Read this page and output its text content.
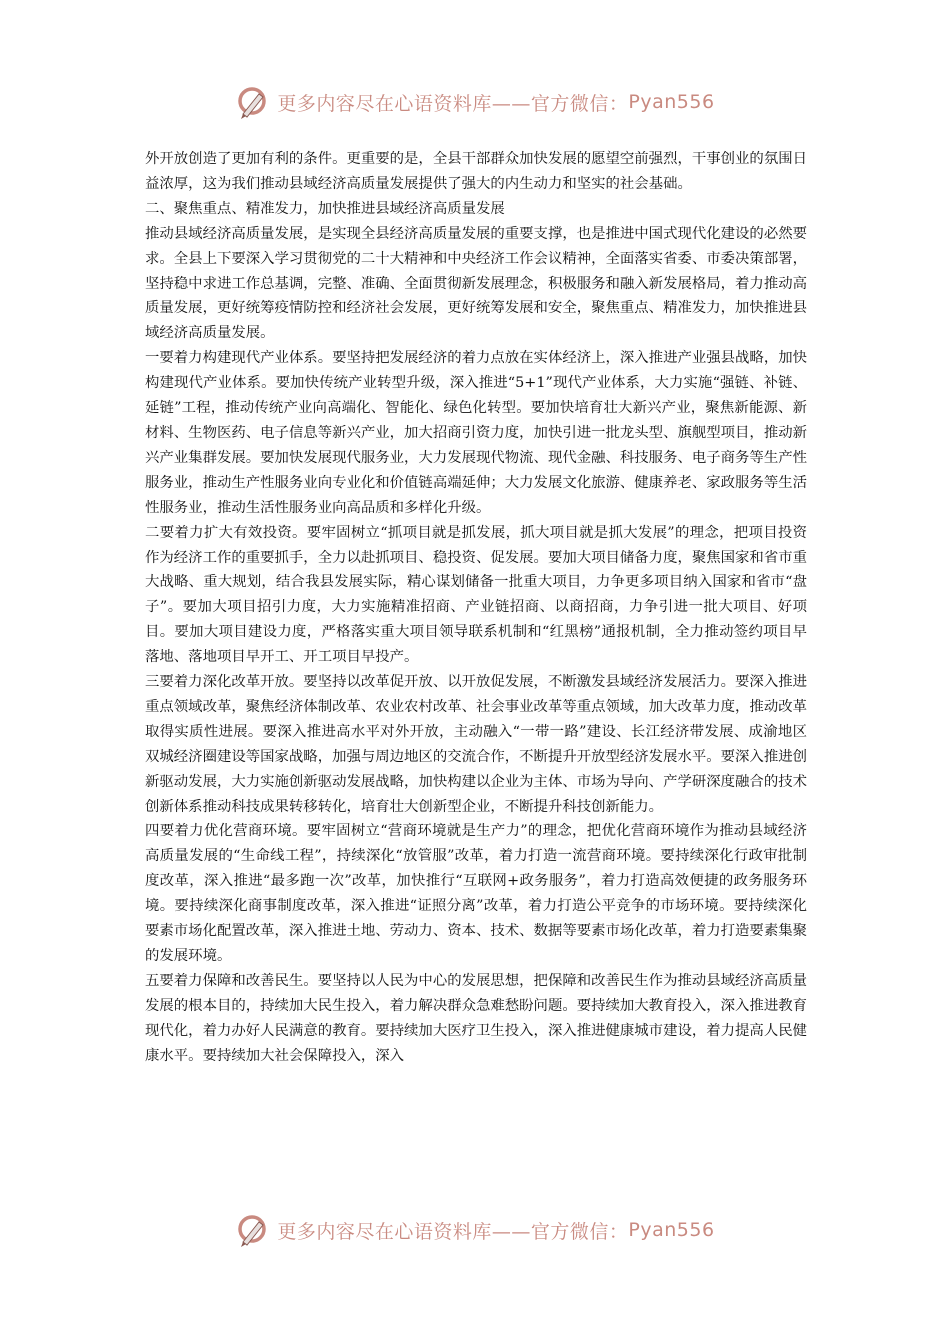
更多内容尽在心语资料库——官方微信： Pyan556

外开放创造了更加有利的条件。更重要的是，全县干部群众加快发展的愿望空前强烈，干事创业的氛围日益浓厚，这为我们推动县域经济高质量发展提供了强大的内生动力和坚实的社会基础。

二、聚焦重点、精准发力，加快推进县域经济高质量发展

推动县域经济高质量发展，是实现全县经济高质量发展的重要支撑，也是推进中国式现代化建设的必然要求。全县上下要深入学习贯彻党的二十大精神和中央经济工作会议精神，全面落实省委、市委决策部署，坚持稳中求进工作总基调，完整、准确、全面贯彻新发展理念，积极服务和融入新发展格局，着力推动高质量发展，更好统筹疫情防控和经济社会发展，更好统筹发展和安全，聚焦重点、精准发力，加快推进县域经济高质量发展。

一要着力构建现代产业体系。要坚持把发展经济的着力点放在实体经济上，深入推进产业强县战略，加快构建现代产业体系。要加快传统产业转型升级，深入推进“5+1”现代产业体系，大力实施“强链、补链、延链”工程，推动传统产业向高端化、智能化、绿色化转型。要加快培育壮大新兴产业，聚焦新能源、新材料、生物医药、电子信息等新兴产业，加大招商引资力度，加快引进一批龙头型、旗舰型项目，推动新兴产业集群发展。要加快发展现代服务业，大力发展现代物流、现代金融、科技服务、电子商务等生产性服务业，推动生产性服务业向专业化和价值链高端延伸；大力发展文化旅游、健康养老、家政服务等生活性服务业，推动生活性服务业向高品质和多样化升级。

二要着力扩大有效投资。要牢固树立“抓项目就是抓发展，抓大项目就是抓大发展”的理念，把项目投资作为经济工作的重要抓手，全力以赴抓项目、稳投资、促发展。要加大项目储备力度，聚焦国家和省市重大战略、重大规划，结合我县发展实际，精心谋划储备一批重大项目，力争更多项目纳入国家和省市“盘子”。要加大项目招引力度，大力实施精准招商、产业链招商、以商招商，力争引进一批大项目、好项目。要加大项目建设力度，严格落实重大项目领导联系机制和“红黑榜”通报机制，全力推动签约项目早落地、落地项目早开工、开工项目早投产。

三要着力深化改革开放。要坚持以改革促开放、以开放促发展，不断激发县域经济发展活力。要深入推进重点领域改革，聚焦经济体制改革、农业农村改革、社会事业改革等重点领域，加大改革力度，推动改革取得实质性进展。要深入推进高水平对外开放，主动融入“一带一路”建设、长江经济带发展、成渝地区双城经济圈建设等国家战略，加强与周边地区的交流合作，不断提升开放型经济发展水平。要深入推进创新驱动发展，大力实施创新驱动发展战略，加快构建以企业为主体、市场为导向、产学研深度融合的技术创新体系推动科技成果转移转化，培育壮大创新型企业，不断提升科技创新能力。

四要着力优化营商环境。要牢固树立“营商环境就是生产力”的理念，把优化营商环境作为推动县域经济高质量发展的“生命线工程”，持续深化“放管服”改革，着力打造一流营商环境。要持续深化行政审批制度改革，深入推进“最多跑一次”改革，加快推行“互联网+政务服务”，着力打造高效便捷的政务服务环境。要持续深化商事制度改革，深入推进“证照分离”改革，着力打造公平竞争的市场环境。要持续深化要素市场化配置改革，深入推进土地、劳动力、资本、技术、数据等要素市场化改革，着力打造要素集聚的发展环境。

五要着力保障和改善民生。要坚持以人民为中心的发展思想，把保障和改善民生作为推动县域经济高质量发展的根本目的，持续加大民生投入，着力解决群众急难愁盼问题。要持续加大教育投入，深入推进教育现代化，着力办好人民满意的教育。要持续加大医疗卫生投入，深入推进健康城市建设，着力提高人民健康水平。要持续加大社会保障投入，深入

更多内容尽在心语资料库——官方微信： Pyan556
